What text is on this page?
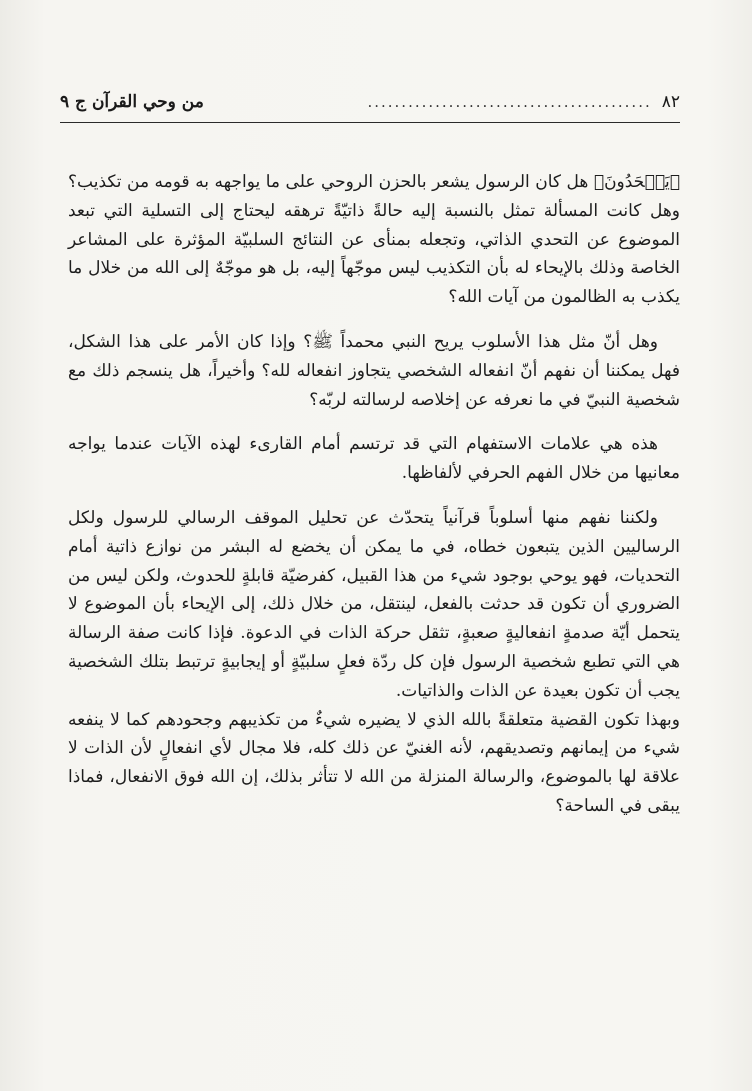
٨٢
..........................................
من وحي القرآن ج ٩

﴿يَجۡحَدُونَ﴾ هل كان الرسول يشعر بالحزن الروحي على ما يواجهه به قومه من تكذيب؟ وهل كانت المسألة تمثل بالنسبة إليه حالةً ذاتيّةً ترهقه ليحتاج إلى التسلية التي تبعد الموضوع عن التحدي الذاتي، وتجعله بمنأى عن النتائج السلبيّة المؤثرة على المشاعر الخاصة وذلك بالإيحاء له بأن التكذيب ليس موجّهاً إليه، بل هو موجّهٌ إلى الله من خلال ما يكذب به الظالمون من آيات الله؟

وهل أنّ مثل هذا الأسلوب يريح النبي محمداً ﷺ؟ وإذا كان الأمر على هذا الشكل، فهل يمكننا أن نفهم أنّ انفعاله الشخصي يتجاوز انفعاله لله؟ وأخيراً، هل ينسجم ذلك مع شخصية النبيّ في ما نعرفه عن إخلاصه لرسالته لربّه؟

هذه هي علامات الاستفهام التي قد ترتسم أمام القارىء لهذه الآيات عندما يواجه معانيها من خلال الفهم الحرفي لألفاظها.

ولكننا نفهم منها أسلوباً قرآنياً يتحدّث عن تحليل الموقف الرسالي للرسول ولكل الرساليين الذين يتبعون خطاه، في ما يمكن أن يخضع له البشر من نوازع ذاتية أمام التحديات، فهو يوحي بوجود شيء من هذا القبيل، كفرضيّة قابلةٍ للحدوث، ولكن ليس من الضروري أن تكون قد حدثت بالفعل، لينتقل، من خلال ذلك، إلى الإيحاء بأن الموضوع لا يتحمل أيّة صدمةٍ انفعاليةٍ صعبةٍ، تثقل حركة الذات في الدعوة. فإذا كانت صفة الرسالة هي التي تطبع شخصية الرسول فإن كل ردّة فعلٍ سلبيّةٍ أو إيجابيةٍ ترتبط بتلك الشخصية يجب أن تكون بعيدة عن الذات والذاتيات.

وبهذا تكون القضية متعلقةً بالله الذي لا يضيره شيءٌ من تكذيبهم وجحودهم كما لا ينفعه شيء من إيمانهم وتصديقهم، لأنه الغنيّ عن ذلك كله، فلا مجال لأي انفعالٍ لأن الذات لا علاقة لها بالموضوع، والرسالة المنزلة من الله لا تتأثر بذلك، إن الله فوق الانفعال، فماذا يبقى في الساحة؟
